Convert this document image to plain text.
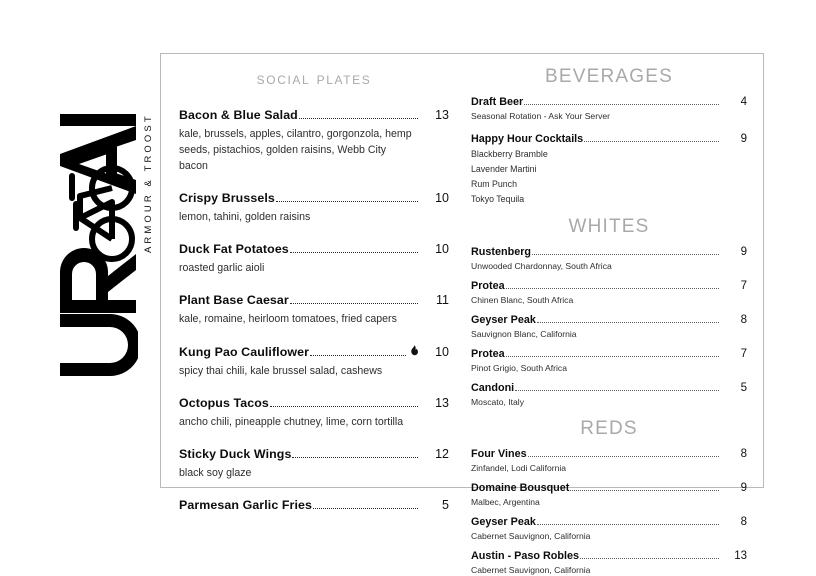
ARMOUR & TROOST
social plates
Bacon & Blue Salad	13
kale, brussels, apples, cilantro, gorgonzola, hemp seeds, pistachios, golden raisins, Webb City bacon
Crispy Brussels	10
lemon, tahini, golden raisins
Duck Fat Potatoes	10
roasted garlic aioli
Plant Base Caesar	11
kale, romaine, heirloom tomatoes, fried capers
Kung Pao Cauliflower	10
spicy thai chili, kale brussel salad, cashews
Octopus Tacos	13
ancho chili, pineapple chutney, lime, corn tortilla
Sticky Duck Wings	12
black soy glaze
Parmesan Garlic Fries	5
BEVERAGES
Draft Beer	4
Seasonal Rotation - Ask Your Server
Happy Hour Cocktails	9
Blackberry Bramble
Lavender Martini
Rum Punch
Tokyo Tequila
WHITES
Rustenberg	9
Unwooded Chardonnay, South Africa
Protea	7
Chinen Blanc, South Africa
Geyser Peak	8
Sauvignon Blanc, California
Protea	7
Pinot Grigio, South Africa
Candoni	5
Moscato, Italy
REDS
Four Vines	8
Zinfandel, Lodi California
Domaine Bousquet	9
Malbec, Argentina
Geyser Peak	8
Cabernet Sauvignon, California
Austin - Paso Robles	13
Cabernet Sauvignon, California
